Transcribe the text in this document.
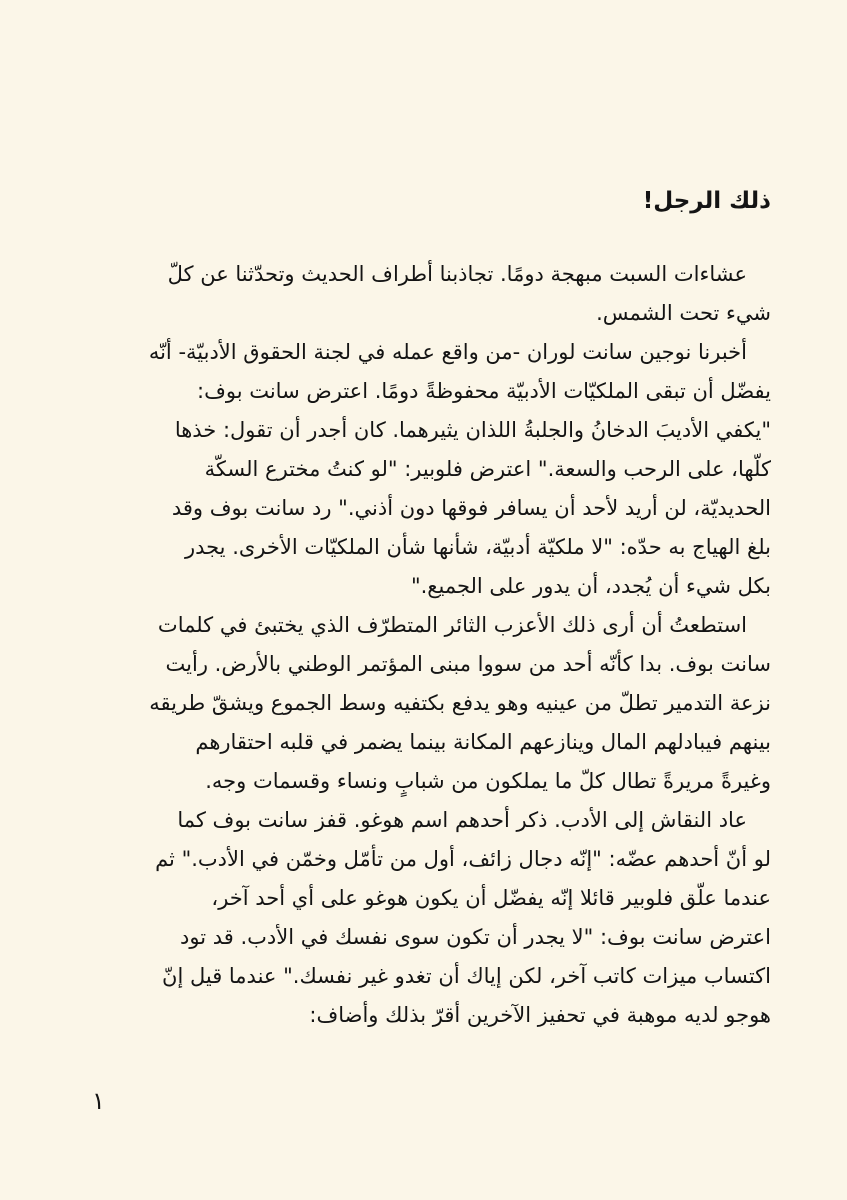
ذلك الرجل!
عشاءات السبت مبهجة دومًا. تجاذبنا أطراف الحديث وتحدّثنا عن كلّ
شيء تحت الشمس.
أخبرنا نوجين سانت لوران -من واقع عمله في لجنة الحقوق الأدبيّة- أنّه
يفضّل أن تبقى الملكيّات الأدبيّة محفوظةً دومًا. اعترض سانت بوف:
"يكفي الأديبَ الدخانُ والجلبةُ اللذان يثيرهما. كان أجدر أن تقول: خذها
كلّها، على الرحب والسعة." اعترض فلوبير: "لو كنتُ مخترع السكّة
الحديديّة، لن أريد لأحد أن يسافر فوقها دون أذني." رد سانت بوف وقد
بلغ الهياج به حدّه: "لا ملكيّة أدبيّة، شأنها شأن الملكيّات الأخرى. يجدر
بكل شيء أن يُجدد، أن يدور على الجميع."
استطعتُ أن أرى ذلك الأعزب الثائر المتطرّف الذي يختبئ في كلمات
سانت بوف. بدا كأنّه أحد من سووا مبنى المؤتمر الوطني بالأرض. رأيت
نزعة التدمير تطلّ من عينيه وهو يدفع بكتفيه وسط الجموع ويشقّ طريقه
بينهم فيبادلهم المال وينازعهم المكانة بينما يضمر في قلبه احتقارهم
وغيرةً مريرةً تطال كلّ ما يملكون من شبابٍ ونساء وقسمات وجه.
عاد النقاش إلى الأدب. ذكر أحدهم اسم هوغو. قفز سانت بوف كما
لو أنّ أحدهم عضّه: "إنّه دجال زائف، أول من تأمّل وخمّن في الأدب." ثم
عندما علّق فلوبير قائلا إنّه يفضّل أن يكون هوغو على أي أحد آخر،
اعترض سانت بوف: "لا يجدر أن تكون سوى نفسك في الأدب. قد تود
اكتساب ميزات كاتب آخر، لكن إياك أن تغدو غير نفسك." عندما قيل إنّ
هوجو لديه موهبة في تحفيز الآخرين أقرّ بذلك وأضاف:
١
